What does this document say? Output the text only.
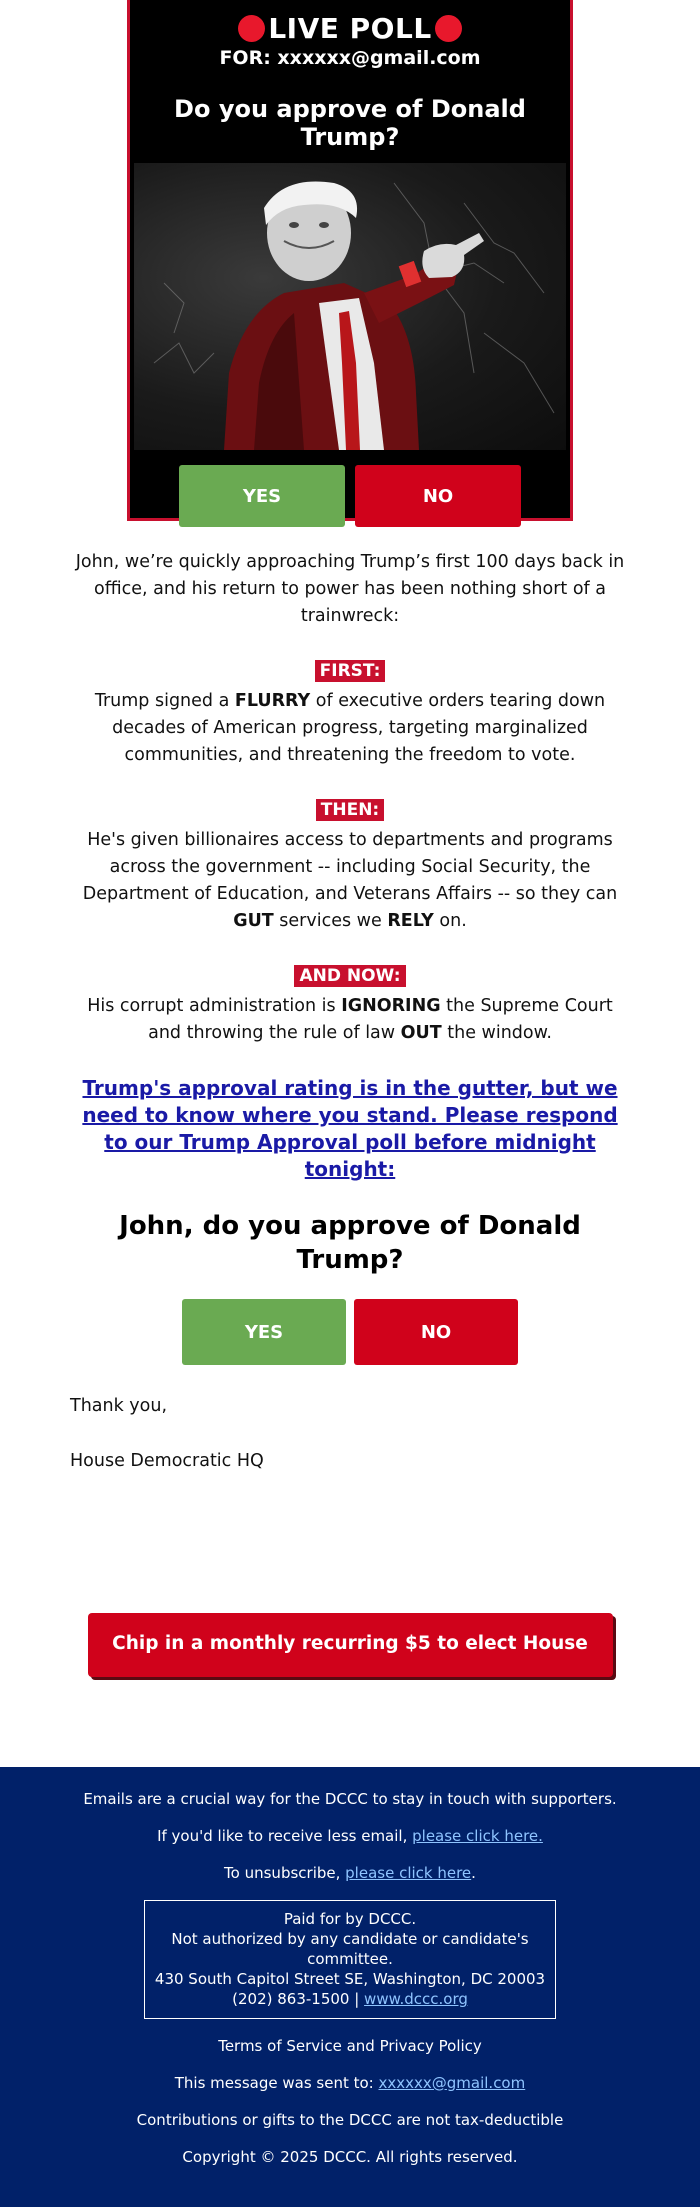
LIVE POLL
FOR: xxxxxx@gmail.com
Do you approve of Donald Trump?
YES	NO

John, we’re quickly approaching Trump’s first 100 days back in office, and his return to power has been nothing short of a trainwreck:

FIRST:

Trump signed a FLURRY of executive orders tearing down decades of American progress, targeting marginalized communities, and threatening the freedom to vote.

THEN:

He's given billionaires access to departments and programs across the government -- including Social Security, the Department of Education, and Veterans Affairs -- so they can GUT services we RELY on.

AND NOW:

His corrupt administration is IGNORING the Supreme Court and throwing the rule of law OUT the window.

Trump's approval rating is in the gutter, but we need to know where you stand. Please respond to our Trump Approval poll before midnight tonight:
John, do you approve of Donald Trump?
YES	NO

Thank you,

House Democratic HQ

Chip in a monthly recurring $5 to elect House Dems >>

Emails are a crucial way for the DCCC to stay in touch with supporters.

If you'd like to receive less email, please click here.

To unsubscribe, please click here.

Paid for by DCCC.
Not authorized by any candidate or candidate's committee.
430 South Capitol Street SE, Washington, DC 20003
(202) 863-1500 | www.dccc.org

Terms of Service and Privacy Policy

This message was sent to: xxxxxx@gmail.com

Contributions or gifts to the DCCC are not tax-deductible

Copyright © 2025 DCCC. All rights reserved.
